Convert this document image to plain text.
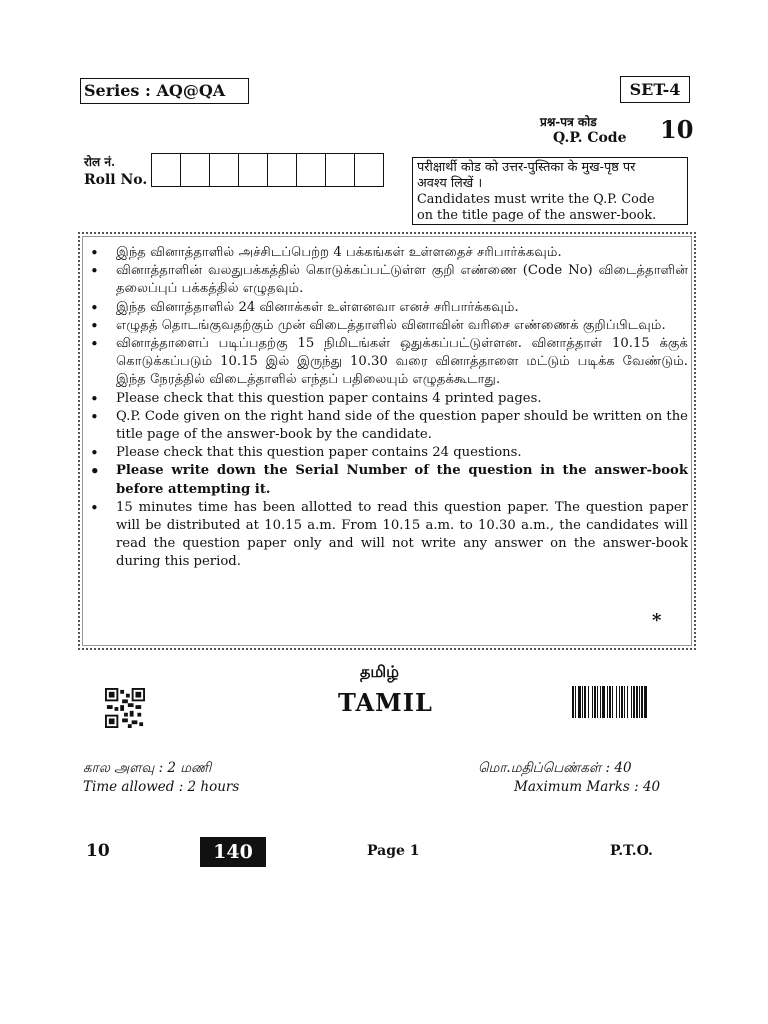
Series : AQ@QA	SET-4
प्रश्न-पत्र कोड
Q.P. Code 10
रोल नं.
Roll No.
परीक्षार्थी कोड को उत्तर-पुस्तिका के मुख-पृष्ठ पर
अवश्य लिखें ।
Candidates must write the Q.P. Code
on the title page of the answer-book.
• இந்த வினாத்தாளில் அச்சிடப்பெற்ற 4 பக்கங்கள் உள்ளதைச் சரிபார்க்கவும்.
• வினாத்தாளின் வலதுபக்கத்தில் கொடுக்கப்பட்டுள்ள குறி எண்ணை (Code No) விடைத்தாளின் தலைப்புப் பக்கத்தில் எழுதவும்.
• இந்த வினாத்தாளில் 24 வினாக்கள் உள்ளனவா எனச் சரிபார்க்கவும்.
• எழுதத் தொடங்குவதற்கும் முன் விடைத்தாளில் வினாவின் வரிசை எண்ணைக் குறிப்பிடவும்.
• வினாத்தாளைப் படிப்பதற்கு 15 நிமிடங்கள் ஒதுக்கப்பட்டுள்ளன. வினாத்தாள் 10.15 க்குக் கொடுக்கப்படும் 10.15 இல் இருந்து 10.30 வரை வினாத்தாளை மட்டும் படிக்க வேண்டும். இந்த நேரத்தில் விடைத்தாளில் எந்தப் பதிலையும் எழுதக்கூடாது.
• Please check that this question paper contains 4 printed pages.
• Q.P. Code given on the right hand side of the question paper should be written on the title page of the answer-book by the candidate.
• Please check that this question paper contains 24 questions.
• Please write down the Serial Number of the question in the answer-book before attempting it.
• 15 minutes time has been allotted to read this question paper. The question paper will be distributed at 10.15 a.m. From 10.15 a.m. to 10.30 a.m., the candidates will read the question paper only and will not write any answer on the answer-book during this period.
*
தமிழ்
TAMIL
கால அளவு : 2 மணி
Time allowed : 2 hours
மொ.மதிப்பெண்கள் : 40
Maximum Marks : 40
10	140	Page 1	P.T.O.
